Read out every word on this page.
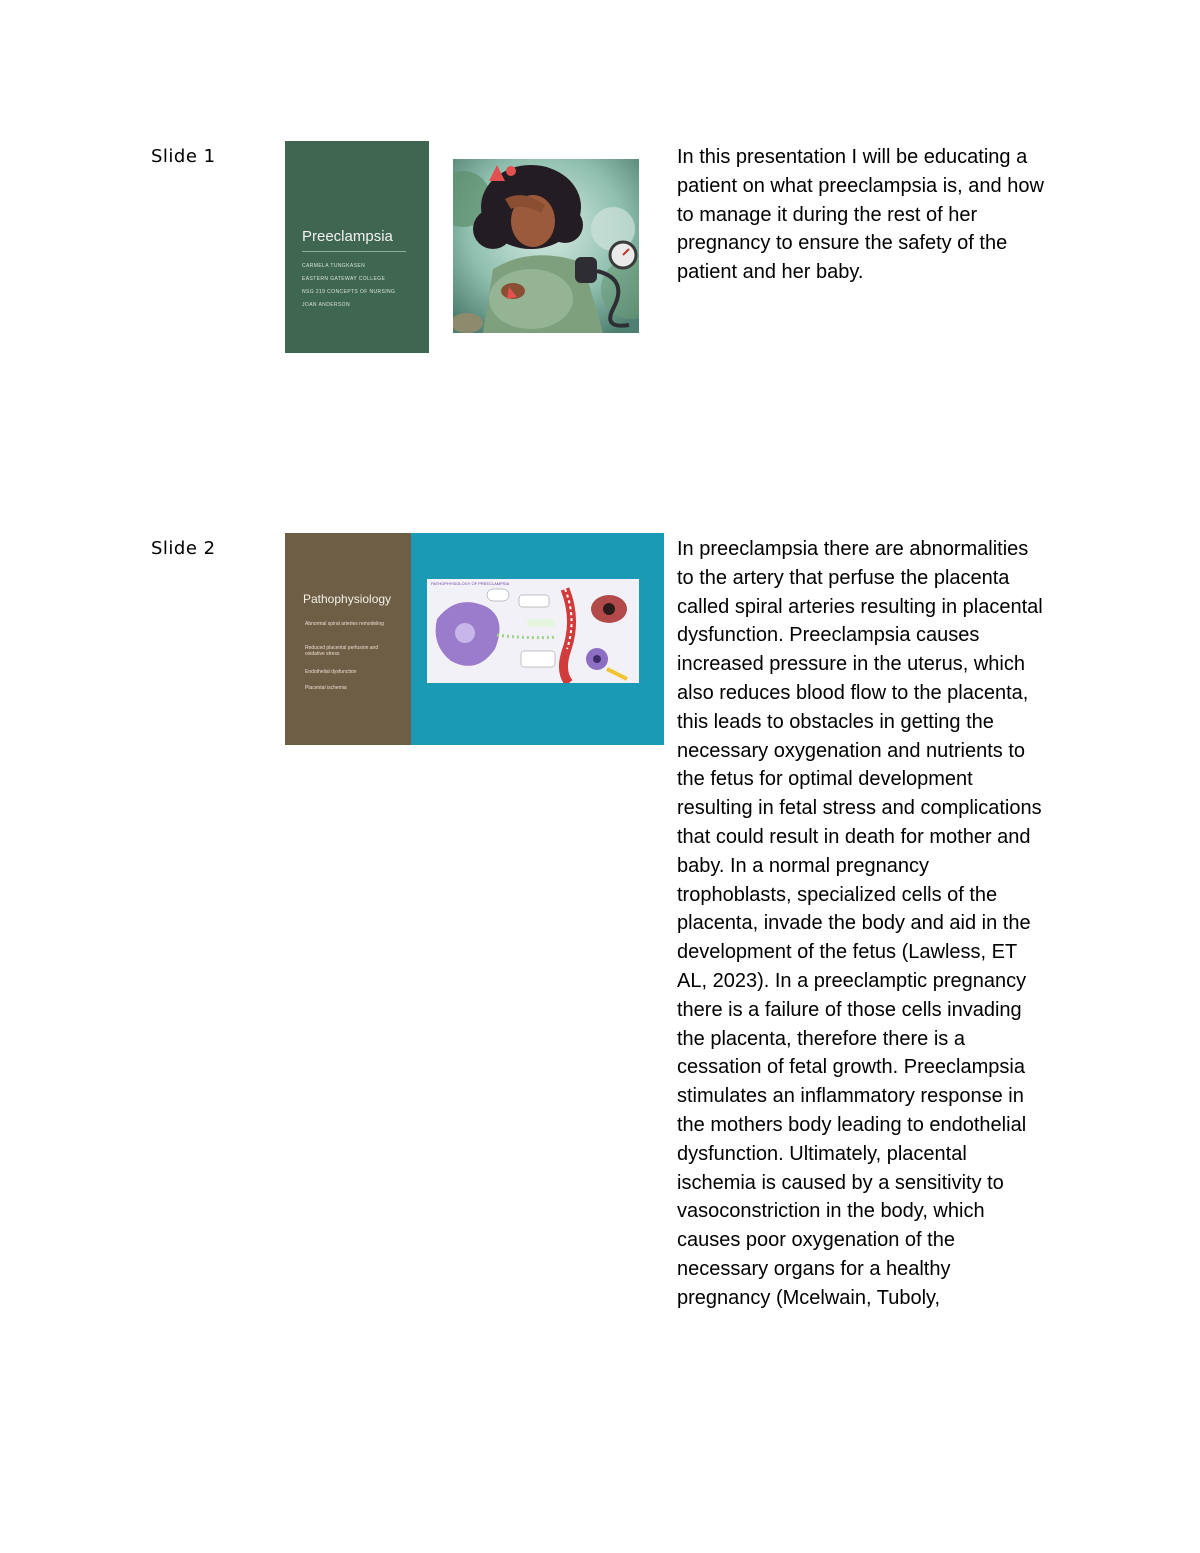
Slide 1
Preeclampsia
CARMELA TUNGKASEN
EASTERN GATEWAY COLLEGE
NSG 219 CONCEPTS OF NURSING
JOAN ANDERSON
In this presentation I will be educating a patient on what preeclampsia is, and how to manage it during the rest of her pregnancy to ensure the safety of the patient and her baby.
Slide 2
Pathophysiology
Abnormal spiral arteries remodeling
Reduced placental perfusion and oxidative stress
Endothelial dysfunction
Placental ischemia
PATHOPHYSIOLOGY OF PREECLAMPSIA
In preeclampsia there are abnormalities to the artery that perfuse the placenta called spiral arteries resulting in placental dysfunction. Preeclampsia causes increased pressure in the uterus, which also reduces blood flow to the placenta, this leads to obstacles in getting the necessary oxygenation and nutrients to the fetus for optimal development resulting in fetal stress and complications that could result in death for mother and baby. In a normal pregnancy trophoblasts, specialized cells of the placenta, invade the body and aid in the development of the fetus (Lawless, ET AL, 2023). In a preeclamptic pregnancy there is a failure of those cells invading the placenta, therefore there is a cessation of fetal growth. Preeclampsia stimulates an inflammatory response in the mothers body leading to endothelial dysfunction. Ultimately, placental ischemia is caused by a sensitivity to vasoconstriction in the body, which causes poor oxygenation of the necessary organs for a healthy pregnancy (Mcelwain, Tuboly,
